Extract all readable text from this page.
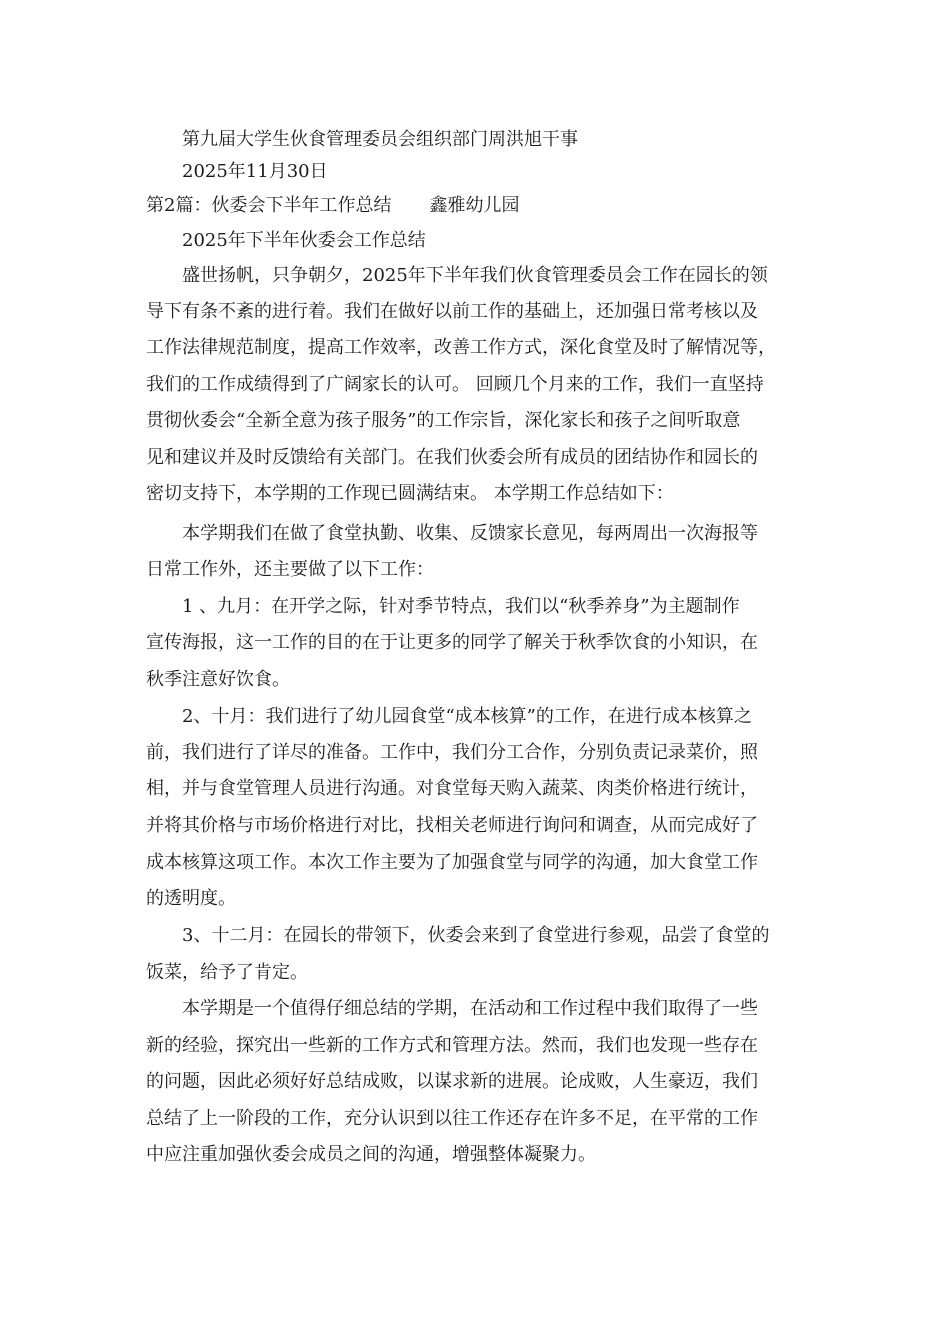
第九届大学生伙食管理委员会组织部门周洪旭干事
2025年11月30日
第2篇：伙委会下半年工作总结 鑫雅幼儿园
2025年下半年伙委会工作总结
盛世扬帆，只争朝夕，2025年下半年我们伙食管理委员会工作在园长的领
导下有条不紊的进行着。我们在做好以前工作的基础上，还加强日常考核以及
工作法律规范制度，提高工作效率，改善工作方式，深化食堂及时了解情况等，
我们的工作成绩得到了广阔家长的认可。 回顾几个月来的工作，我们一直坚持
贯彻伙委会“全新全意为孩子服务”的工作宗旨，深化家长和孩子之间听取意
见和建议并及时反馈给有关部门。在我们伙委会所有成员的团结协作和园长的
密切支持下，本学期的工作现已圆满结束。 本学期工作总结如下：
本学期我们在做了食堂执勤、收集、反馈家长意见，每两周出一次海报等
日常工作外，还主要做了以下工作：
1 、九月：在开学之际，针对季节特点，我们以“秋季养身”为主题制作
宣传海报，这一工作的目的在于让更多的同学了解关于秋季饮食的小知识，在
秋季注意好饮食。
2、十月：我们进行了幼儿园食堂“成本核算”的工作，在进行成本核算之
前，我们进行了详尽的准备。工作中，我们分工合作，分别负责记录菜价，照
相，并与食堂管理人员进行沟通。对食堂每天购入蔬菜、肉类价格进行统计，
并将其价格与市场价格进行对比，找相关老师进行询问和调查，从而完成好了
成本核算这项工作。本次工作主要为了加强食堂与同学的沟通，加大食堂工作
的透明度。
3、十二月：在园长的带领下，伙委会来到了食堂进行参观，品尝了食堂的
饭菜，给予了肯定。
本学期是一个值得仔细总结的学期，在活动和工作过程中我们取得了一些
新的经验，探究出一些新的工作方式和管理方法。然而，我们也发现一些存在
的问题，因此必须好好总结成败，以谋求新的进展。论成败，人生豪迈，我们
总结了上一阶段的工作，充分认识到以往工作还存在许多不足，在平常的工作
中应注重加强伙委会成员之间的沟通，增强整体凝聚力。
